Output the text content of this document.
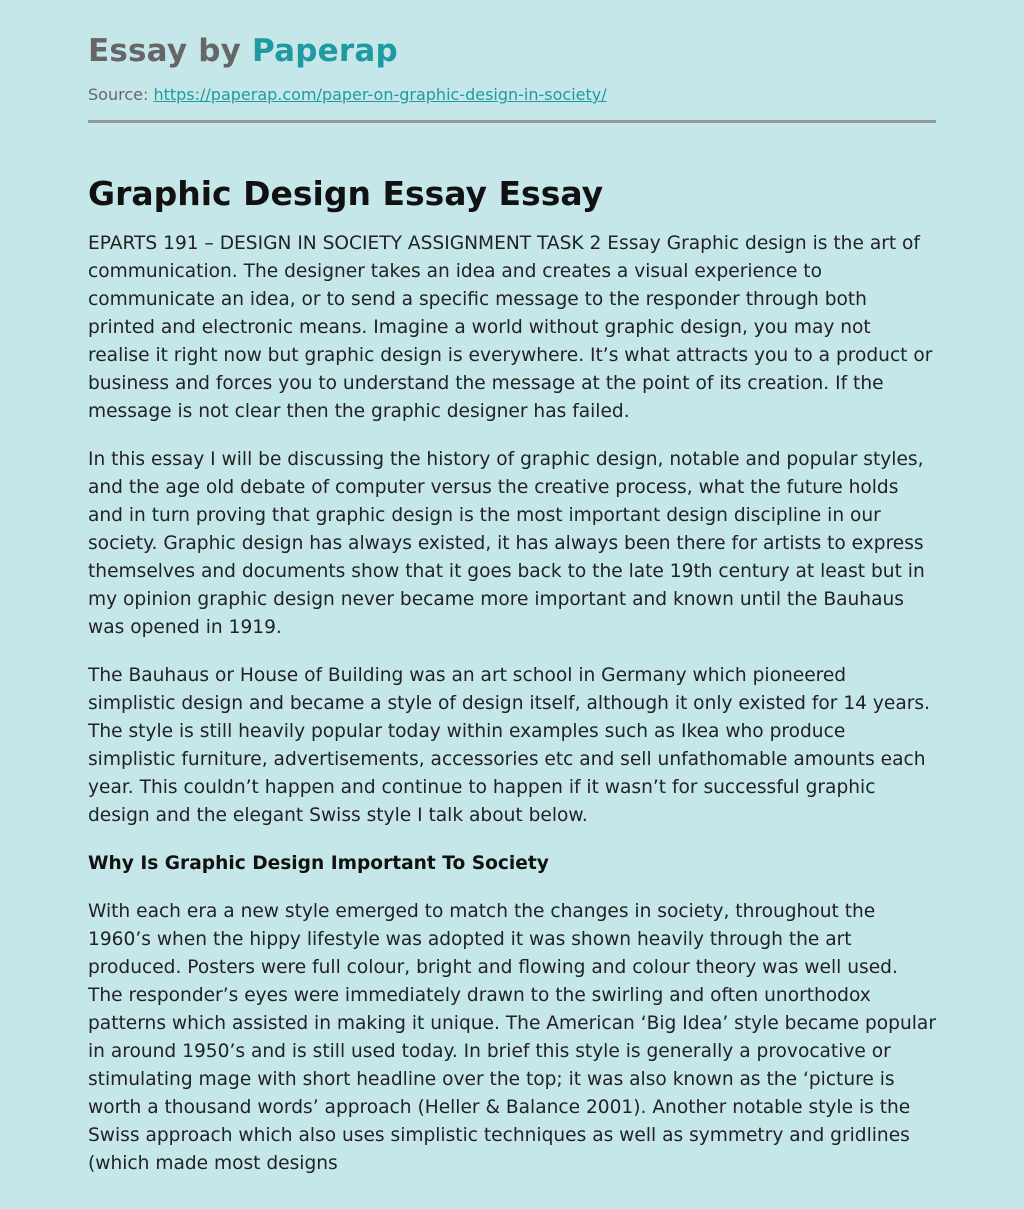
Essay by Paperap
Source: https://paperap.com/paper-on-graphic-design-in-society/
Graphic Design Essay Essay

EPARTS 191 – DESIGN IN SOCIETY ASSIGNMENT TASK 2 Essay Graphic design is the art of communication. The designer takes an idea and creates a visual experience to communicate an idea, or to send a specific message to the responder through both printed and electronic means. Imagine a world without graphic design, you may not realise it right now but graphic design is everywhere. It’s what attracts you to a product or business and forces you to understand the message at the point of its creation. If the message is not clear then the graphic designer has failed.

In this essay I will be discussing the history of graphic design, notable and popular styles, and the age old debate of computer versus the creative process, what the future holds and in turn proving that graphic design is the most important design discipline in our society. Graphic design has always existed, it has always been there for artists to express themselves and documents show that it goes back to the late 19th century at least but in my opinion graphic design never became more important and known until the Bauhaus was opened in 1919.

The Bauhaus or House of Building was an art school in Germany which pioneered simplistic design and became a style of design itself, although it only existed for 14 years. The style is still heavily popular today within examples such as Ikea who produce simplistic furniture, advertisements, accessories etc and sell unfathomable amounts each year. This couldn’t happen and continue to happen if it wasn’t for successful graphic design and the elegant Swiss style I talk about below.

Why Is Graphic Design Important To Society

With each era a new style emerged to match the changes in society, throughout the 1960’s when the hippy lifestyle was adopted it was shown heavily through the art produced. Posters were full colour, bright and flowing and colour theory was well used. The responder’s eyes were immediately drawn to the swirling and often unorthodox patterns which assisted in making it unique. The American ‘Big Idea’ style became popular in around 1950’s and is still used today. In brief this style is generally a provocative or stimulating mage with short headline over the top; it was also known as the ‘picture is worth a thousand words’ approach (Heller & Balance 2001). Another notable style is the Swiss approach which also uses simplistic techniques as well as symmetry and gridlines (which made most designs
